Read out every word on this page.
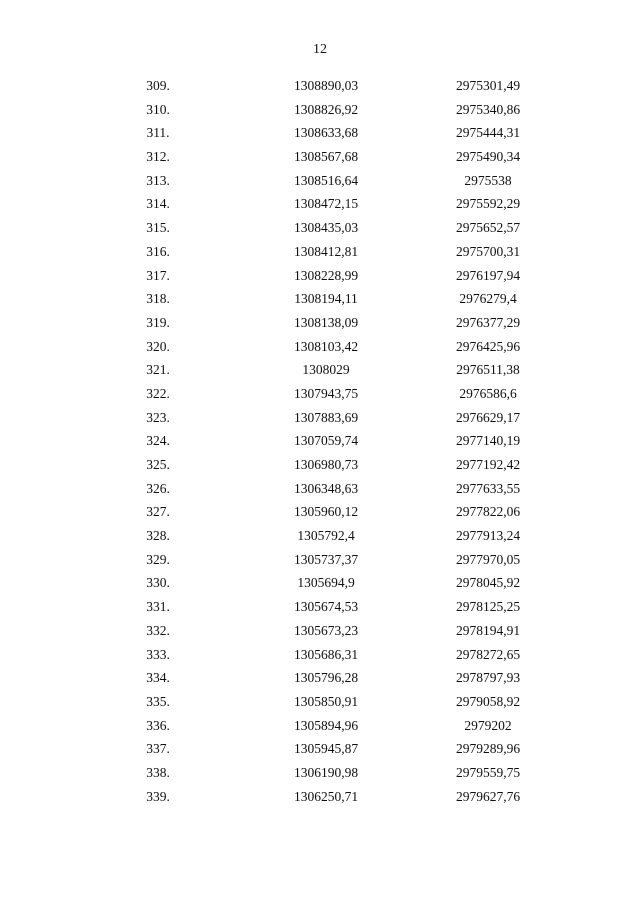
12
309.	1308890,03	2975301,49
310.	1308826,92	2975340,86
311.	1308633,68	2975444,31
312.	1308567,68	2975490,34
313.	1308516,64	2975538
314.	1308472,15	2975592,29
315.	1308435,03	2975652,57
316.	1308412,81	2975700,31
317.	1308228,99	2976197,94
318.	1308194,11	2976279,4
319.	1308138,09	2976377,29
320.	1308103,42	2976425,96
321.	1308029	2976511,38
322.	1307943,75	2976586,6
323.	1307883,69	2976629,17
324.	1307059,74	2977140,19
325.	1306980,73	2977192,42
326.	1306348,63	2977633,55
327.	1305960,12	2977822,06
328.	1305792,4	2977913,24
329.	1305737,37	2977970,05
330.	1305694,9	2978045,92
331.	1305674,53	2978125,25
332.	1305673,23	2978194,91
333.	1305686,31	2978272,65
334.	1305796,28	2978797,93
335.	1305850,91	2979058,92
336.	1305894,96	2979202
337.	1305945,87	2979289,96
338.	1306190,98	2979559,75
339.	1306250,71	2979627,76
